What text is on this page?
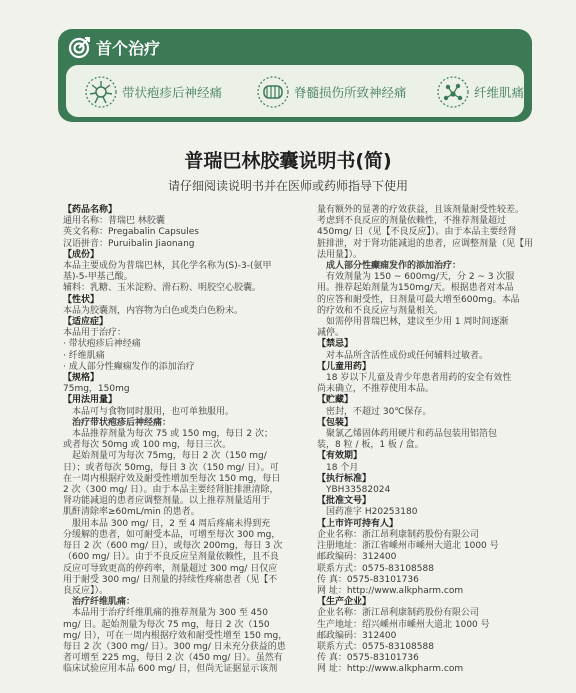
首个治疗
带状疱疹后神经痛	脊髓损伤所致神经痛	纤维肌痛
普瑞巴林胶囊说明书(简)
请仔细阅读说明书并在医师或药师指导下使用
【药品名称】
通用名称：普瑞巴 林胶囊
英文名称：Pregabalin Capsules
汉语拼音：Puruibalin Jiaonang
【成份】
本品主要成份为普瑞巴林，其化学名称为(S)-3-(氨甲
基)-5-甲基己酸。
辅料：乳糖、玉米淀粉、滑石粉、明胶空心胶囊。
【性状】
本品为胶囊剂，内容物为白色或类白色粉末。
【适应症】
本品用于治疗：
· 带状疱疹后神经痛
· 纤维肌痛
· 成人部分性癫痫发作的添加治疗
【规格】
75mg，150mg
【用法用量】
本品可与食物同时服用，也可单独服用。
治疗带状疱疹后神经痛：
本品推荐剂量为每次 75 或 150 mg，每日 2 次；
或者每次 50mg 或 100 mg，每日三次。
起始剂量可为每次 75mg，每日 2 次（150 mg/
日）；或者每次 50mg，每日 3 次（150 mg/ 日）。可
在一周内根据疗效及耐受性增加至每次 150 mg，每日
2 次（300 mg/ 日）。由于本品主要经肾脏排泄清除，
肾功能减退的患者应调整剂量。以上推荐剂量适用于
肌酐清除率≥60mL/min 的患者。
服用本品 300 mg/ 日，2 至 4 周后疼痛未得到充
分缓解的患者，如可耐受本品，可增至每次 300 mg，
每日 2 次（600 mg/ 日），或每次 200mg，每日 3 次
（600 mg/ 日）。由于不良反应呈剂量依赖性，且不良
反应可导致更高的停药率，剂量超过 300 mg/ 日仅应
用于耐受 300 mg/ 日剂量的持续性疼痛患者（见【不
良反应】）。
治疗纤维肌痛：
本品用于治疗纤维肌痛的推荐剂量为 300 至 450
mg/ 日。起始剂量为每次 75 mg，每日 2 次（150
mg/ 日），可在一周内根据疗效和耐受性增至 150 mg，
每日 2 次（300 mg/ 日）。300 mg/ 日未充分获益的患
者可增至 225 mg，每日 2 次（450 mg/ 日）。虽然有
临床试验应用本品 600 mg/ 日，但尚无证据显示该剂
量有额外的显著的疗效获益，且该剂量耐受性较差。
考虑到不良反应的剂量依赖性，不推荐剂量超过
450mg/ 日（见【不良反应】）。由于本品主要经肾
脏排泄，对于肾功能减退的患者，应调整剂量（见【用
法用量】）。
成人部分性癫痫发作的添加治疗：
有效剂量为 150 ~ 600mg/天，分 2 ~ 3 次服
用。推荐起始剂量为150mg/天。根据患者对本品
的应答和耐受性，日剂量可最大增至600mg。本品
的疗效和不良反应与剂量相关。
如需停用普瑞巴林，建议至少用 1 周时间逐渐
减停。
【禁忌】
对本品所含活性成份或任何辅料过敏者。
【儿童用药】
18 岁以下儿童及青少年患者用药的安全有效性
尚未确立，不推荐使用本品。
【贮藏】
密封，不超过 30℃保存。
【包装】
聚氯乙烯固体药用硬片和药品包装用铝箔包
装，8 粒 / 板，1 板 / 盒。
【有效期】
18 个月
【执行标准】
YBH33582024
【批准文号】
国药准字 H20253180
【上市许可持有人】
企业名称：浙江昂利康制药股份有限公司
注册地址：浙江省嵊州市嵊州大道北 1000 号
邮政编码：312400
联系方式：0575-83108588
传 真：0575-83101736
网 址：http://www.alkpharm.com
【生产企业】
企业名称：浙江昂利康制药股份有限公司
生产地址：绍兴嵊州市嵊州大道北 1000 号
邮政编码：312400
联系方式：0575-83108588
传 真：0575-83101736
网 址：http://www.alkpharm.com
